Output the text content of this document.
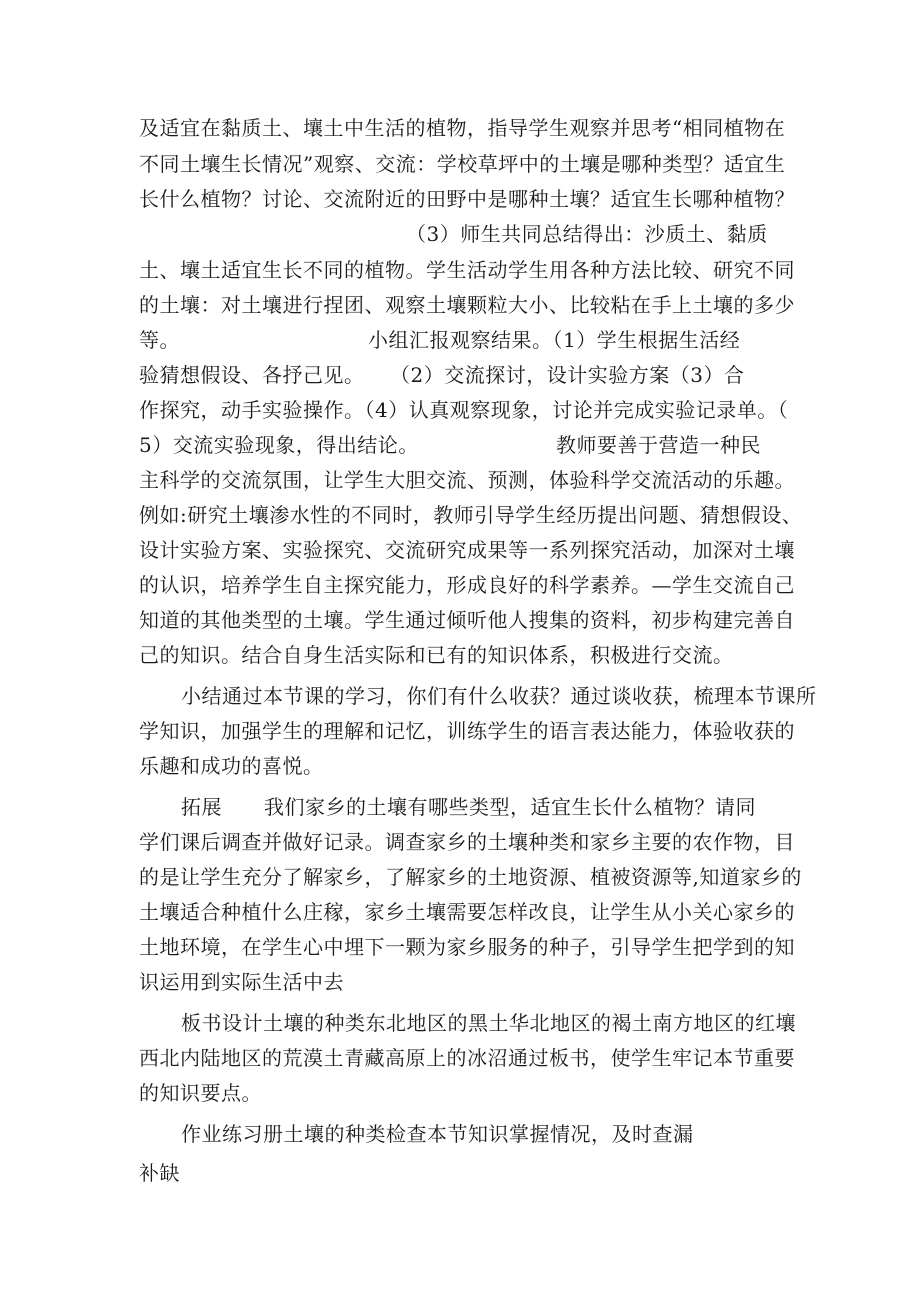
及适宜在黏质土、壤土中生活的植物，指导学生观察并思考“相同植物在
不同土壤生长情况”观察、交流：学校草坪中的土壤是哪种类型？适宜生
长什么植物？讨论、交流附近的田野中是哪种土壤？适宜生长哪种植物？
（3）师生共同总结得出：沙质土、黏质
土、壤土适宜生长不同的植物。学生活动学生用各种方法比较、研究不同
的土壤：对土壤进行捏团、观察土壤颗粒大小、比较粘在手上土壤的多少
等。	小组汇报观察结果。（1）学生根据生活经
验猜想假设、各抒己见。 （2）交流探讨，设计实验方案（3）合
作探究，动手实验操作。（4）认真观察现象，讨论并完成实验记录单。（
5）交流实验现象，得出结论。	教师要善于营造一种民
主科学的交流氛围，让学生大胆交流、预测，体验科学交流活动的乐趣。
例如:研究土壤渗水性的不同时，教师引导学生经历提出问题、猜想假设、
设计实验方案、实验探究、交流研究成果等一系列探究活动，加深对土壤
的认识，培养学生自主探究能力，形成良好的科学素养。—学生交流自己
知道的其他类型的土壤。学生通过倾听他人搜集的资料，初步构建完善自
己的知识。结合自身生活实际和已有的知识体系，积极进行交流。
小结通过本节课的学习，你们有什么收获？通过谈收获，梳理本节课所
学知识，加强学生的理解和记忆，训练学生的语言表达能力，体验收获的
乐趣和成功的喜悦。
拓展 我们家乡的土壤有哪些类型，适宜生长什么植物？请同
学们课后调查并做好记录。调查家乡的土壤种类和家乡主要的农作物，目
的是让学生充分了解家乡，了解家乡的土地资源、植被资源等,知道家乡的
土壤适合种植什么庄稼，家乡土壤需要怎样改良，让学生从小关心家乡的
土地环境，在学生心中埋下一颗为家乡服务的种子，引导学生把学到的知
识运用到实际生活中去
板书设计土壤的种类东北地区的黑土华北地区的褐土南方地区的红壤
西北内陆地区的荒漠土青藏高原上的冰沼通过板书，使学生牢记本节重要
的知识要点。
作业练习册土壤的种类检查本节知识掌握情况，及时查漏
补缺
